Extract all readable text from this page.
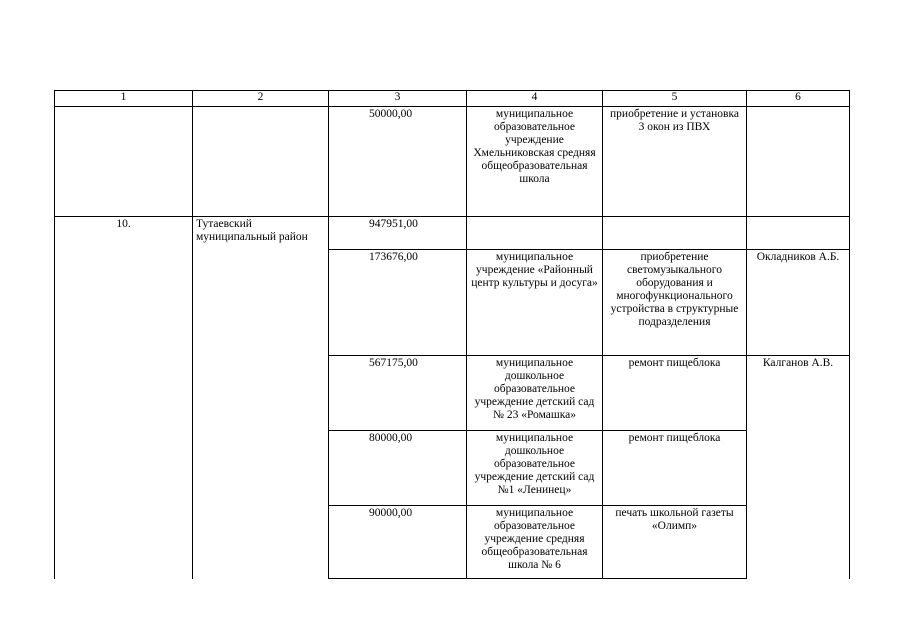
1	2	3	4	5	6
		50000,00	муниципальное образовательное учреждение Хмельниковская средняя общеобразовательная школа	приобретение и установка 3 окон из ПВХ	
10.	Тутаевский муниципальный район	947951,00			
		173676,00	муниципальное учреждение «Районный центр культуры и досуга»	приобретение светомузыкального оборудования и многофункционального устройства в структурные подразделения	Окладников А.Б.
		567175,00	муниципальное дошкольное образовательное учреждение детский сад № 23 «Ромашка»	ремонт пищеблока	Калганов А.В.
		80000,00	муниципальное дошкольное образовательное учреждение детский сад №1 «Ленинец»	ремонт пищеблока	
		90000,00	муниципальное образовательное учреждение средняя общеобразовательная школа № 6	печать школьной газеты «Олимп»	
